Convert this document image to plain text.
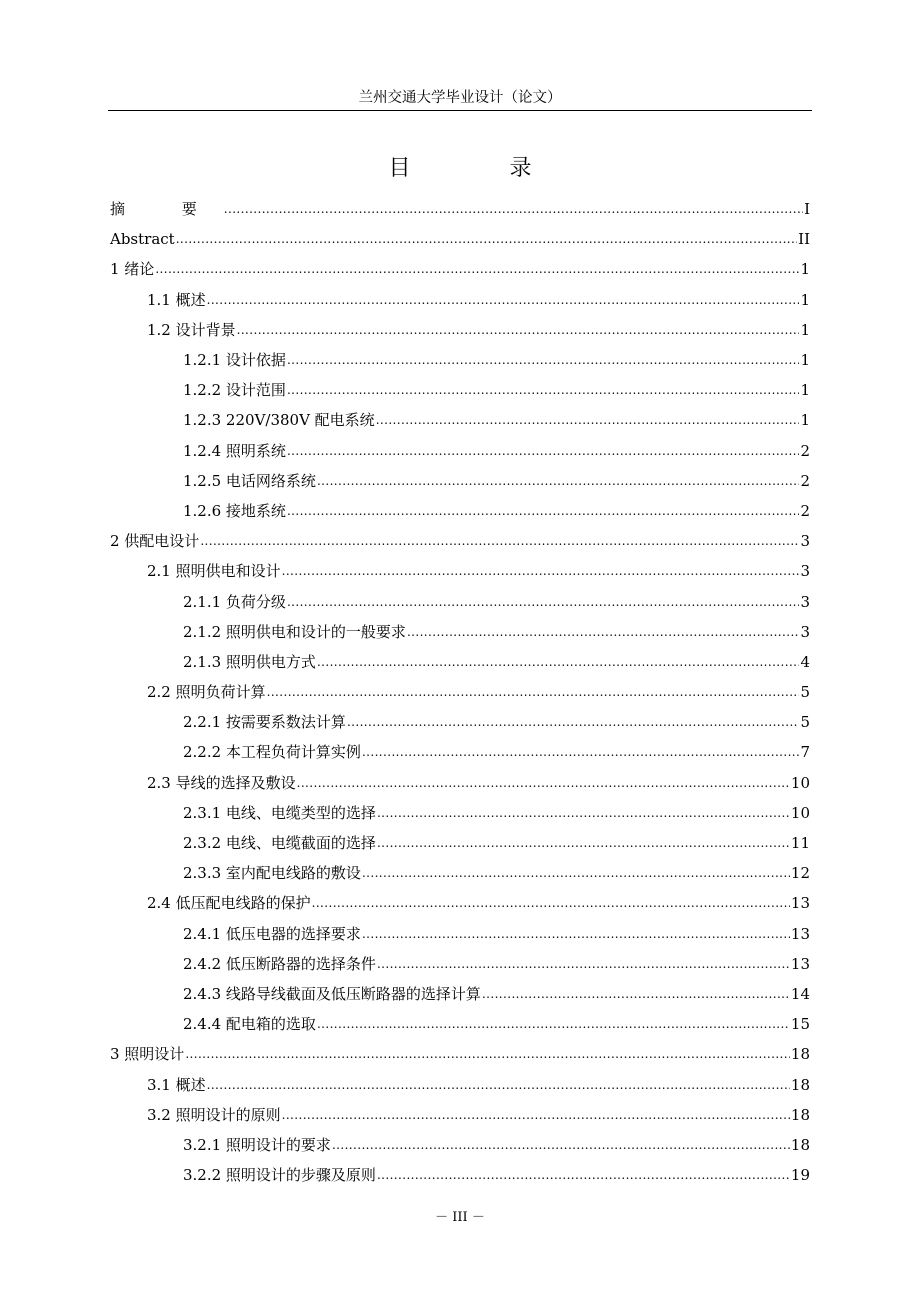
兰州交通大学毕业设计（论文）
目 录
摘 要 .....	I
Abstract .....	II
1 绪论 .....	1
1.1 概述 .....	1
1.2 设计背景 .....	1
1.2.1 设计依据 .....	1
1.2.2 设计范围 .....	1
1.2.3 220V/380V 配电系统 .....	1
1.2.4 照明系统 .....	2
1.2.5 电话网络系统 .....	2
1.2.6 接地系统 .....	2
2 供配电设计 .....	3
2.1 照明供电和设计 .....	3
2.1.1 负荷分级 .....	3
2.1.2 照明供电和设计的一般要求 .....	3
2.1.3 照明供电方式 .....	4
2.2 照明负荷计算 .....	5
2.2.1 按需要系数法计算 .....	5
2.2.2 本工程负荷计算实例 .....	7
2.3 导线的选择及敷设 .....	10
2.3.1 电线、电缆类型的选择 .....	10
2.3.2 电线、电缆截面的选择 .....	11
2.3.3 室内配电线路的敷设 .....	12
2.4 低压配电线路的保护 .....	13
2.4.1 低压电器的选择要求 .....	13
2.4.2 低压断路器的选择条件 .....	13
2.4.3 线路导线截面及低压断路器的选择计算 .....	14
2.4.4 配电箱的选取 .....	15
3 照明设计 .....	18
3.1 概述 .....	18
3.2 照明设计的原则 .....	18
3.2.1 照明设计的要求 .....	18
3.2.2 照明设计的步骤及原则 .....	19
－ III －
